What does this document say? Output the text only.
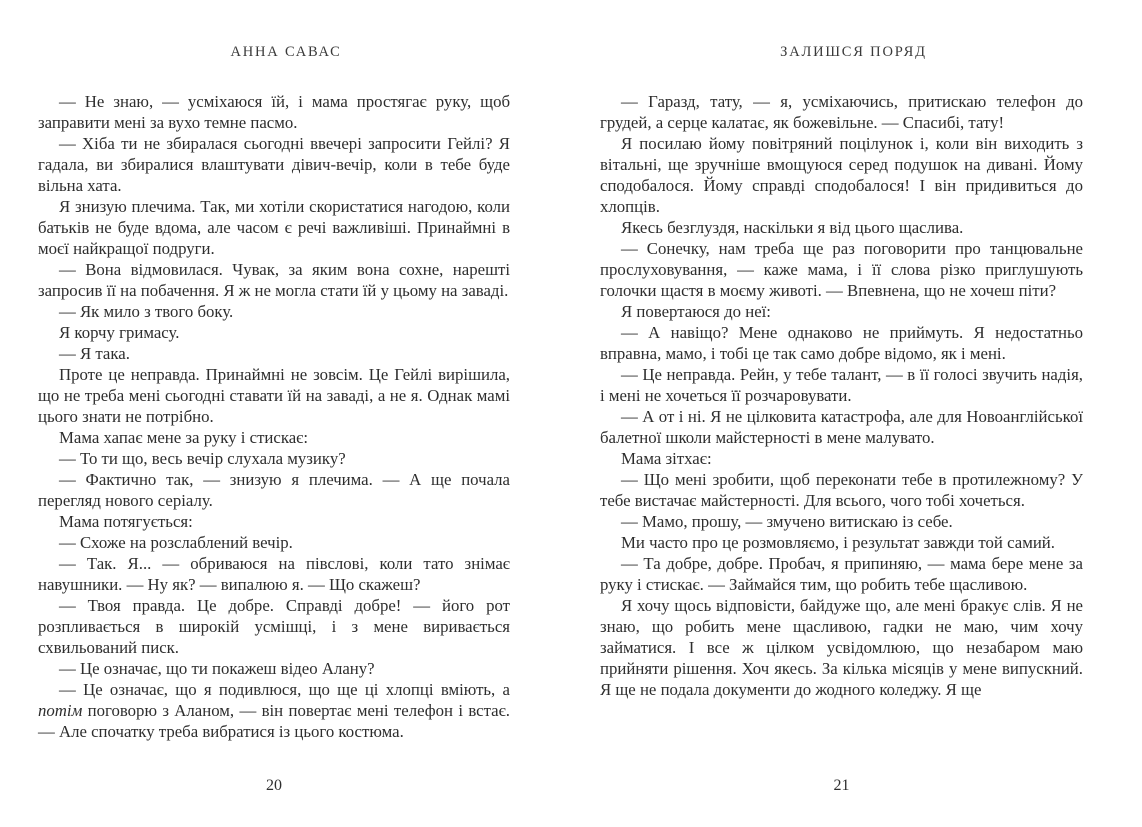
АННА САВАС

— Не знаю, — усміхаюся їй, і мама простягає руку, щоб заправити мені за вухо темне пасмо.

— Хіба ти не збиралася сьогодні ввечері запросити Гейлі? Я гадала, ви збиралися влаштувати дівич-вечір, коли в тебе буде вільна хата.

Я знизую плечима. Так, ми хотіли скористатися нагодою, коли батьків не буде вдома, але часом є речі важливіші. Принаймні в моєї найкращої подруги.

— Вона відмовилася. Чувак, за яким вона сохне, нарешті запросив її на побачення. Я ж не могла стати їй у цьому на заваді.

— Як мило з твого боку.

Я корчу гримасу.

— Я така.

Проте це неправда. Принаймні не зовсім. Це Гейлі вирішила, що не треба мені сьогодні ставати їй на заваді, а не я. Однак мамі цього знати не потрібно.

Мама хапає мене за руку і стискає:

— То ти що, весь вечір слухала музику?

— Фактично так, — знизую я плечима. — А ще почала перегляд нового серіалу.

Мама потягується:

— Схоже на розслаблений вечір.

— Так. Я... — обриваюся на півслові, коли тато знімає навушники. — Ну як? — випалюю я. — Що скажеш?

— Твоя правда. Це добре. Справді добре! — його рот розпливається в широкій усмішці, і з мене виривається схвильований писк.

— Це означає, що ти покажеш відео Алану?

— Це означає, що я подивлюся, що ще ці хлопці вміють, а потім поговорю з Аланом, — він повертає мені телефон і встає. — Але спочатку треба вибратися із цього костюма.

20
ЗАЛИШСЯ ПОРЯД

— Гаразд, тату, — я, усміхаючись, притискаю телефон до грудей, а серце калатає, як божевільне. — Спасибі, тату!

Я посилаю йому повітряний поцілунок і, коли він виходить з вітальні, ще зручніше вмощуюся серед подушок на дивані. Йому сподобалося. Йому справді сподобалося! І він придивиться до хлопців.

Якесь безглуздя, наскільки я від цього щаслива.

— Сонечку, нам треба ще раз поговорити про танцювальне прослуховування, — каже мама, і її слова різко приглушують голочки щастя в моєму животі. — Впевнена, що не хочеш піти?

Я повертаюся до неї:

— А навіщо? Мене однаково не приймуть. Я недостатньо вправна, мамо, і тобі це так само добре відомо, як і мені.

— Це неправда. Рейн, у тебе талант, — в її голосі звучить надія, і мені не хочеться її розчаровувати.

— А от і ні. Я не цілковита катастрофа, але для Новоанглійської балетної школи майстерності в мене малувато.

Мама зітхає:

— Що мені зробити, щоб переконати тебе в протилежному? У тебе вистачає майстерності. Для всього, чого тобі хочеться.

— Мамо, прошу, — змучено витискаю із себе.

Ми часто про це розмовляємо, і результат завжди той самий.

— Та добре, добре. Пробач, я припиняю, — мама бере мене за руку і стискає. — Займайся тим, що робить тебе щасливою.

Я хочу щось відповісти, байдуже що, але мені бракує слів. Я не знаю, що робить мене щасливою, гадки не маю, чим хочу займатися. І все ж цілком усвідомлюю, що незабаром маю прийняти рішення. Хоч якесь. За кілька місяців у мене випускний. Я ще не подала документи до жодного коледжу. Я ще

21
